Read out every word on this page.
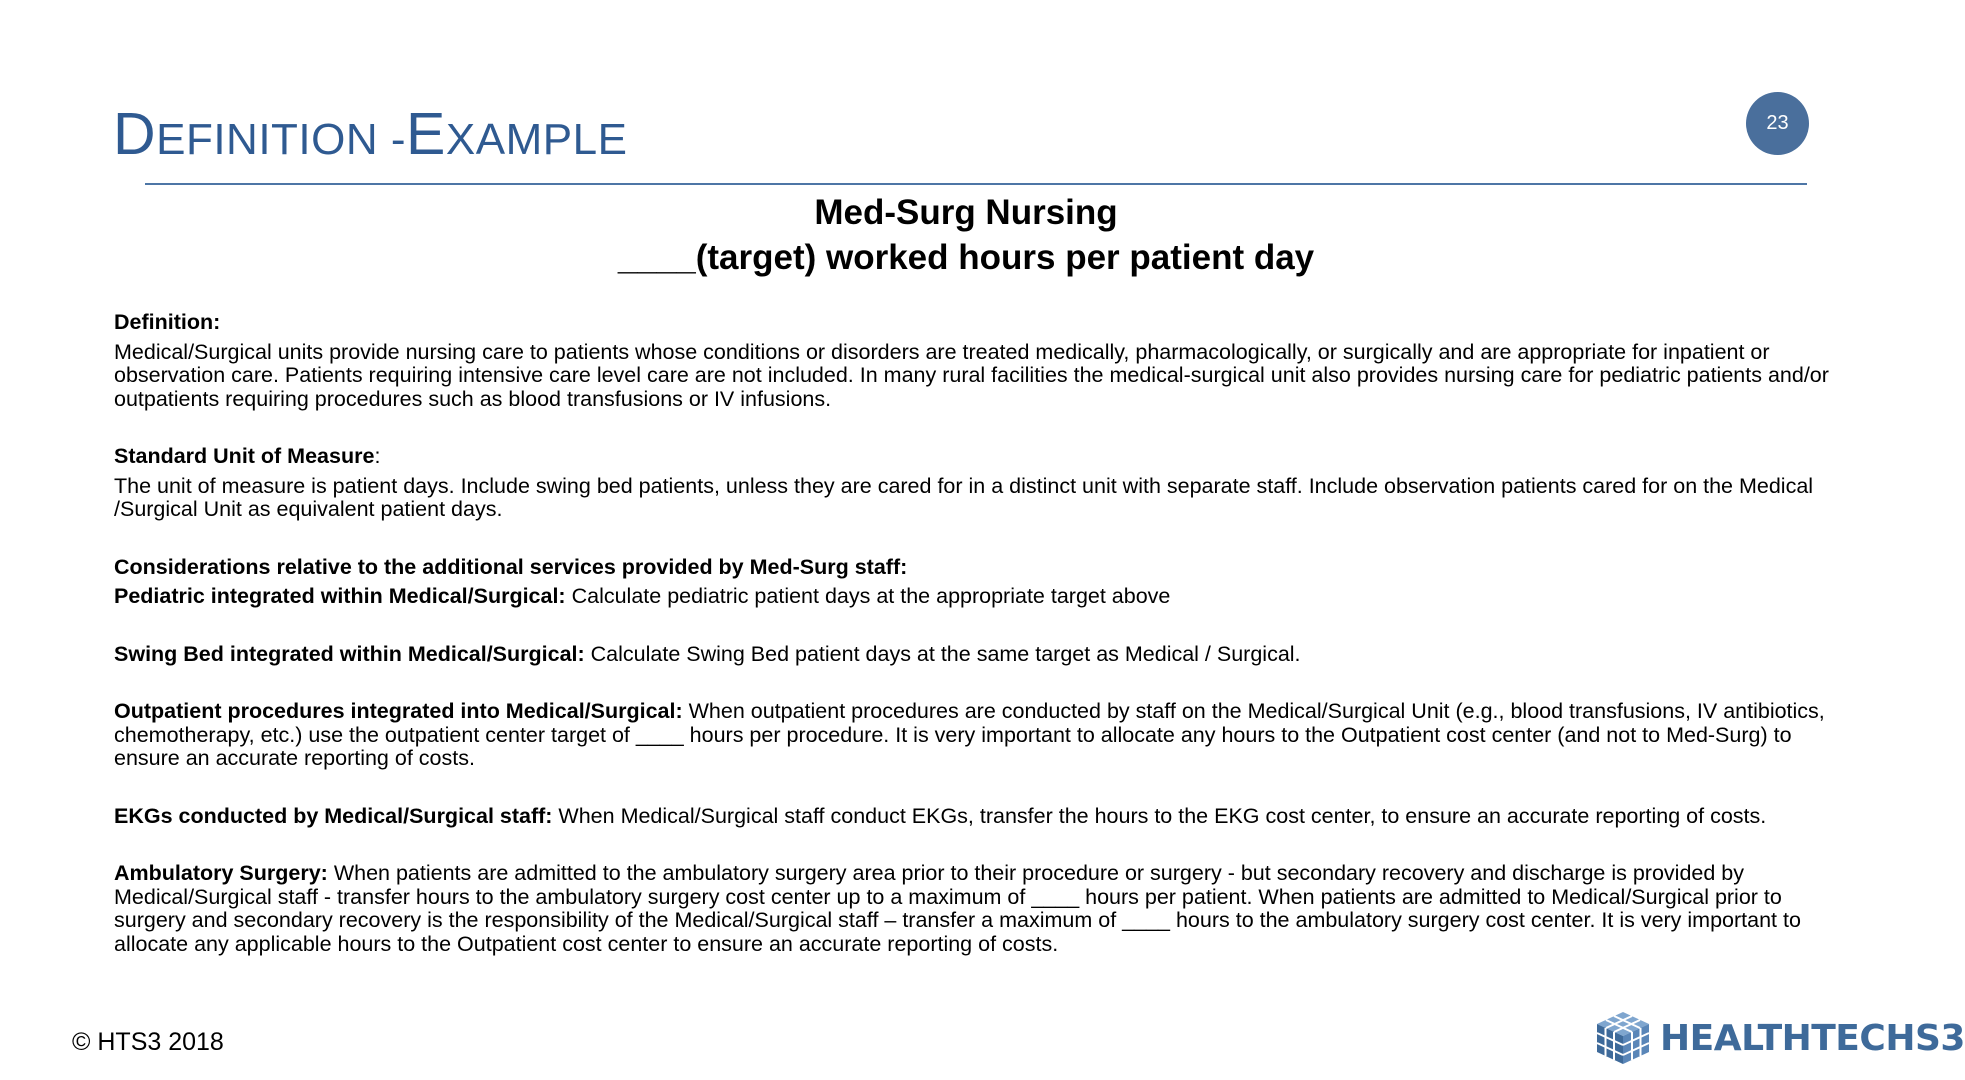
DEFINITION -EXAMPLE	23
Med-Surg Nursing
____(target) worked hours per patient day
Definition:

Medical/Surgical units provide nursing care to patients whose conditions or disorders are treated medically, pharmacologically, or surgically and are appropriate for inpatient or observation care. Patients requiring intensive care level care are not included. In many rural facilities the medical-surgical unit also provides nursing care for pediatric patients and/or outpatients requiring procedures such as blood transfusions or IV infusions.

Standard Unit of Measure:

The unit of measure is patient days. Include swing bed patients, unless they are cared for in a distinct unit with separate staff. Include observation patients cared for on the Medical /Surgical Unit as equivalent patient days.

Considerations relative to the additional services provided by Med-Surg staff:

Pediatric integrated within Medical/Surgical: Calculate pediatric patient days at the appropriate target above

Swing Bed integrated within Medical/Surgical: Calculate Swing Bed patient days at the same target as Medical / Surgical.

Outpatient procedures integrated into Medical/Surgical: When outpatient procedures are conducted by staff on the Medical/Surgical Unit (e.g., blood transfusions, IV antibiotics, chemotherapy, etc.) use the outpatient center target of ____ hours per procedure. It is very important to allocate any hours to the Outpatient cost center (and not to Med-Surg) to ensure an accurate reporting of costs.

EKGs conducted by Medical/Surgical staff: When Medical/Surgical staff conduct EKGs, transfer the hours to the EKG cost center, to ensure an accurate reporting of costs.

Ambulatory Surgery: When patients are admitted to the ambulatory surgery area prior to their procedure or surgery - but secondary recovery and discharge is provided by Medical/Surgical staff - transfer hours to the ambulatory surgery cost center up to a maximum of ____ hours per patient. When patients are admitted to Medical/Surgical prior to surgery and secondary recovery is the responsibility of the Medical/Surgical staff – transfer a maximum of ____ hours to the ambulatory surgery cost center. It is very important to allocate any applicable hours to the Outpatient cost center to ensure an accurate reporting of costs.

© HTS3 2018	HEALTHTECHS3
